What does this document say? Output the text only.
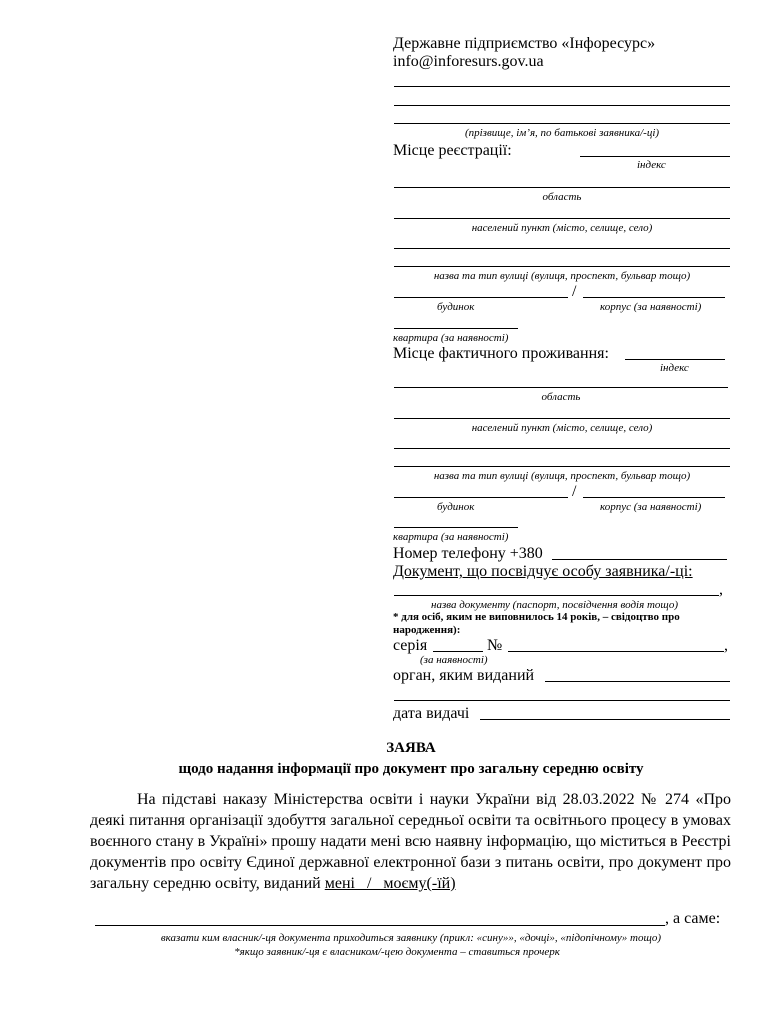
Державне підприємство «Інфоресурс»
info@inforesurs.gov.ua
(прізвище, ім’я, по батькові заявника/-ці)
Місце реєстрації:
індекс
область
населений пункт (місто, селище, село)
назва та тип вулиці (вулиця, проспект, бульвар тощо)
/
будинок	корпус (за наявності)
квартира (за наявності)
Місце фактичного проживання:
індекс
область
населений пункт (місто, селище, село)
назва та тип вулиці (вулиця, проспект, бульвар тощо)
/
будинок	корпус (за наявності)
квартира (за наявності)
Номер телефону +380
Документ, що посвідчує особу заявника/-ці:
,
назва документу (паспорт, посвідчення водія тощо)
* для осіб, яким не виповнилось 14 років, – свідоцтво про народження):
серія	№	,
(за наявності)
орган, яким виданий
дата видачі
ЗАЯВА
щодо надання інформації про документ про загальну середню освіту
На підставі наказу Міністерства освіти і науки України від 28.03.2022 № 274 «Про деякі питання організації здобуття загальної середньої освіти та освітнього процесу в умовах воєнного стану в Україні» прошу надати мені всю наявну інформацію, що міститься в Реєстрі документів про освіту Єдиної державної електронної бази з питань освіти, про документ про загальну середню освіту, виданий мені   /   моєму(-їй)
, а саме:
вказати ким власник/-ця документа приходиться заявнику (прикл: «сину»», «дочці», «підопічному» тощо)
*якщо заявник/-ця є власником/-цею документа – ставиться прочерк
